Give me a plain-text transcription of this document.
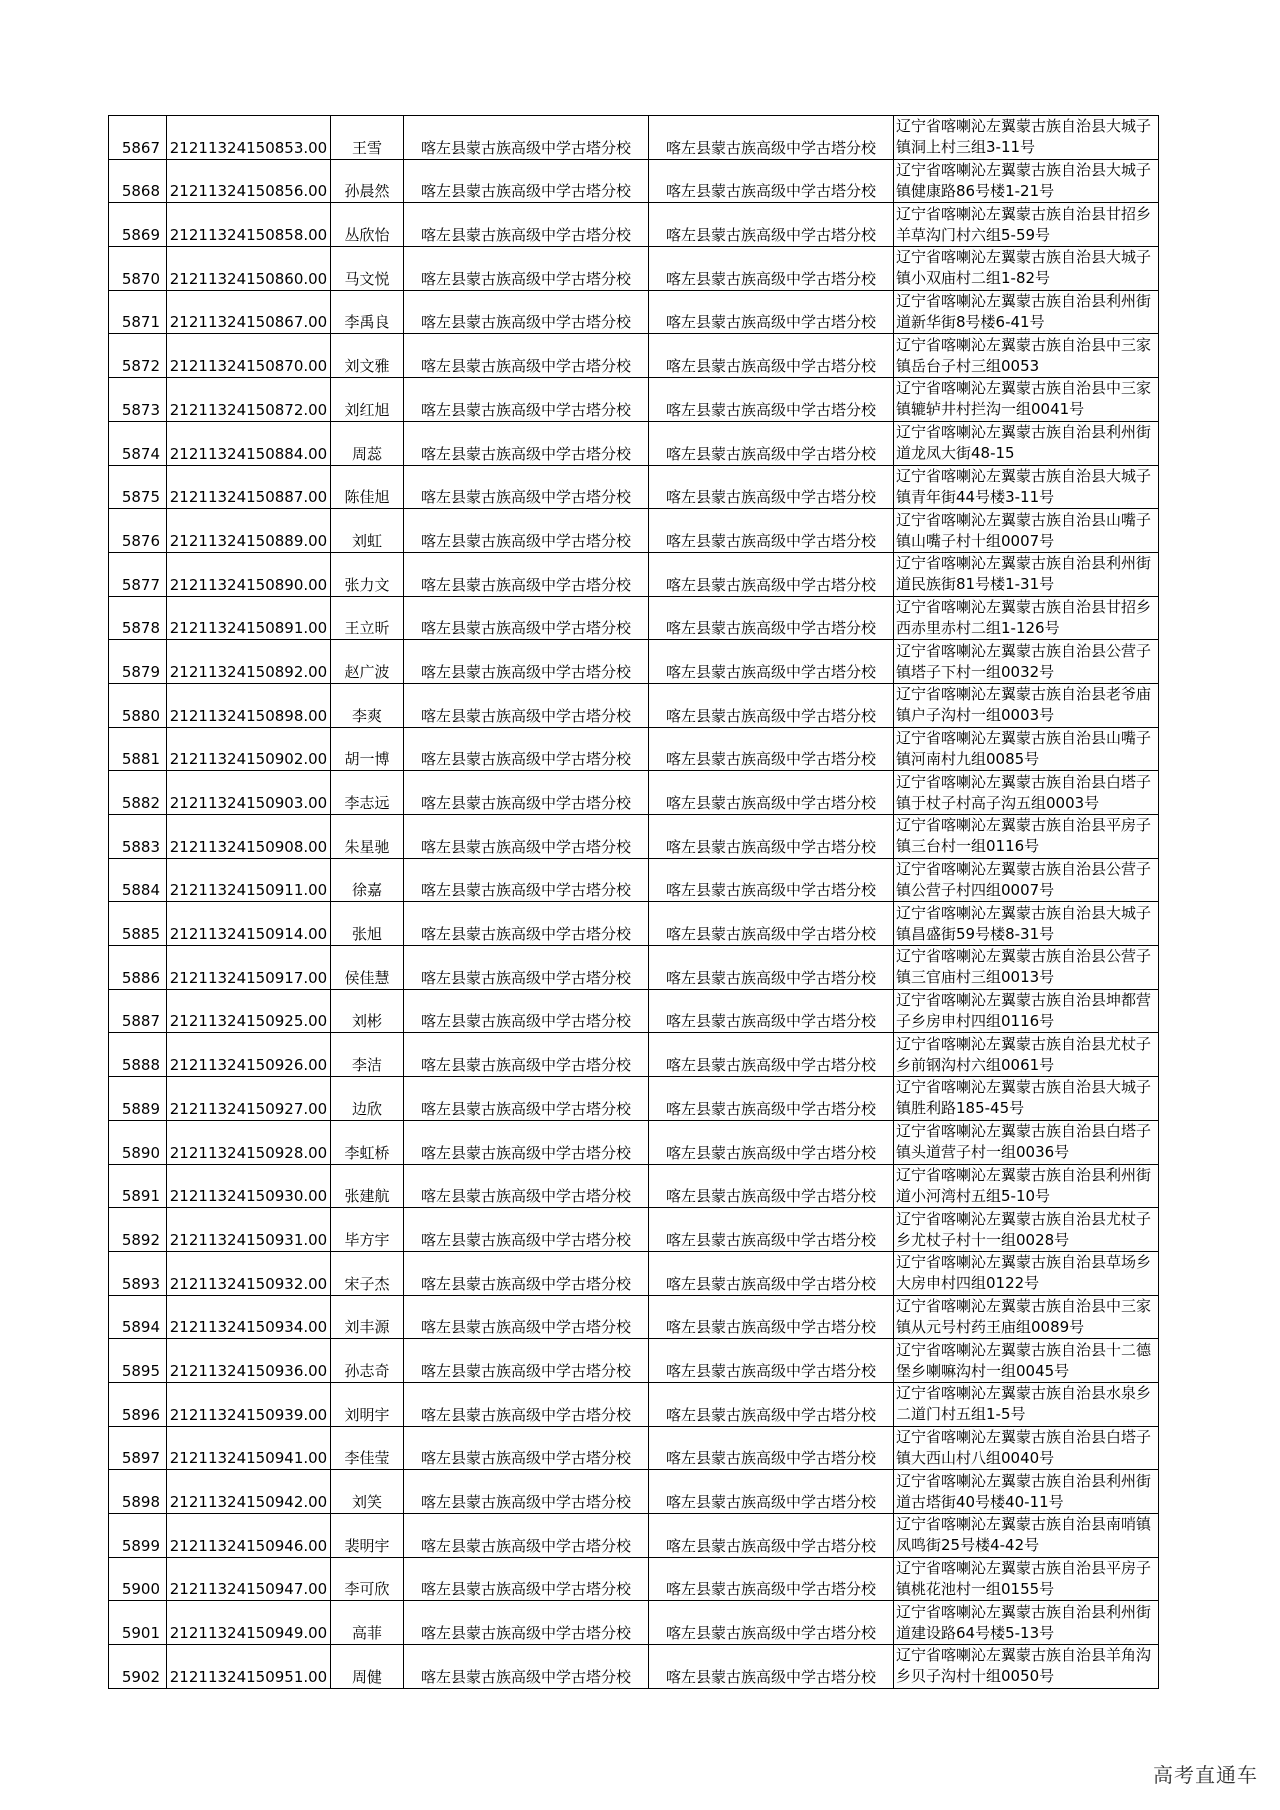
5867	21211324150853.00	王雪	喀左县蒙古族高级中学古塔分校	喀左县蒙古族高级中学古塔分校	辽宁省喀喇沁左翼蒙古族自治县大城子镇洞上村三组3-11号
5868	21211324150856.00	孙晨然	喀左县蒙古族高级中学古塔分校	喀左县蒙古族高级中学古塔分校	辽宁省喀喇沁左翼蒙古族自治县大城子镇健康路86号楼1-21号
5869	21211324150858.00	丛欣怡	喀左县蒙古族高级中学古塔分校	喀左县蒙古族高级中学古塔分校	辽宁省喀喇沁左翼蒙古族自治县甘招乡羊草沟门村六组5-59号
5870	21211324150860.00	马文悦	喀左县蒙古族高级中学古塔分校	喀左县蒙古族高级中学古塔分校	辽宁省喀喇沁左翼蒙古族自治县大城子镇小双庙村二组1-82号
5871	21211324150867.00	李禹良	喀左县蒙古族高级中学古塔分校	喀左县蒙古族高级中学古塔分校	辽宁省喀喇沁左翼蒙古族自治县利州街道新华街8号楼6-41号
5872	21211324150870.00	刘文雅	喀左县蒙古族高级中学古塔分校	喀左县蒙古族高级中学古塔分校	辽宁省喀喇沁左翼蒙古族自治县中三家镇岳台子村三组0053
5873	21211324150872.00	刘红旭	喀左县蒙古族高级中学古塔分校	喀左县蒙古族高级中学古塔分校	辽宁省喀喇沁左翼蒙古族自治县中三家镇辘轳井村拦沟一组0041号
5874	21211324150884.00	周蕊	喀左县蒙古族高级中学古塔分校	喀左县蒙古族高级中学古塔分校	辽宁省喀喇沁左翼蒙古族自治县利州街道龙凤大街48-15
5875	21211324150887.00	陈佳旭	喀左县蒙古族高级中学古塔分校	喀左县蒙古族高级中学古塔分校	辽宁省喀喇沁左翼蒙古族自治县大城子镇青年街44号楼3-11号
5876	21211324150889.00	刘虹	喀左县蒙古族高级中学古塔分校	喀左县蒙古族高级中学古塔分校	辽宁省喀喇沁左翼蒙古族自治县山嘴子镇山嘴子村十组0007号
5877	21211324150890.00	张力文	喀左县蒙古族高级中学古塔分校	喀左县蒙古族高级中学古塔分校	辽宁省喀喇沁左翼蒙古族自治县利州街道民族街81号楼1-31号
5878	21211324150891.00	王立昕	喀左县蒙古族高级中学古塔分校	喀左县蒙古族高级中学古塔分校	辽宁省喀喇沁左翼蒙古族自治县甘招乡西赤里赤村二组1-126号
5879	21211324150892.00	赵广波	喀左县蒙古族高级中学古塔分校	喀左县蒙古族高级中学古塔分校	辽宁省喀喇沁左翼蒙古族自治县公营子镇塔子下村一组0032号
5880	21211324150898.00	李爽	喀左县蒙古族高级中学古塔分校	喀左县蒙古族高级中学古塔分校	辽宁省喀喇沁左翼蒙古族自治县老爷庙镇户子沟村一组0003号
5881	21211324150902.00	胡一博	喀左县蒙古族高级中学古塔分校	喀左县蒙古族高级中学古塔分校	辽宁省喀喇沁左翼蒙古族自治县山嘴子镇河南村九组0085号
5882	21211324150903.00	李志远	喀左县蒙古族高级中学古塔分校	喀左县蒙古族高级中学古塔分校	辽宁省喀喇沁左翼蒙古族自治县白塔子镇于杖子村高子沟五组0003号
5883	21211324150908.00	朱星驰	喀左县蒙古族高级中学古塔分校	喀左县蒙古族高级中学古塔分校	辽宁省喀喇沁左翼蒙古族自治县平房子镇三台村一组0116号
5884	21211324150911.00	徐嘉	喀左县蒙古族高级中学古塔分校	喀左县蒙古族高级中学古塔分校	辽宁省喀喇沁左翼蒙古族自治县公营子镇公营子村四组0007号
5885	21211324150914.00	张旭	喀左县蒙古族高级中学古塔分校	喀左县蒙古族高级中学古塔分校	辽宁省喀喇沁左翼蒙古族自治县大城子镇昌盛街59号楼8-31号
5886	21211324150917.00	侯佳慧	喀左县蒙古族高级中学古塔分校	喀左县蒙古族高级中学古塔分校	辽宁省喀喇沁左翼蒙古族自治县公营子镇三官庙村三组0013号
5887	21211324150925.00	刘彬	喀左县蒙古族高级中学古塔分校	喀左县蒙古族高级中学古塔分校	辽宁省喀喇沁左翼蒙古族自治县坤都营子乡房申村四组0116号
5888	21211324150926.00	李洁	喀左县蒙古族高级中学古塔分校	喀左县蒙古族高级中学古塔分校	辽宁省喀喇沁左翼蒙古族自治县尤杖子乡前钢沟村六组0061号
5889	21211324150927.00	边欣	喀左县蒙古族高级中学古塔分校	喀左县蒙古族高级中学古塔分校	辽宁省喀喇沁左翼蒙古族自治县大城子镇胜利路185-45号
5890	21211324150928.00	李虹桥	喀左县蒙古族高级中学古塔分校	喀左县蒙古族高级中学古塔分校	辽宁省喀喇沁左翼蒙古族自治县白塔子镇头道营子村一组0036号
5891	21211324150930.00	张建航	喀左县蒙古族高级中学古塔分校	喀左县蒙古族高级中学古塔分校	辽宁省喀喇沁左翼蒙古族自治县利州街道小河湾村五组5-10号
5892	21211324150931.00	毕方宇	喀左县蒙古族高级中学古塔分校	喀左县蒙古族高级中学古塔分校	辽宁省喀喇沁左翼蒙古族自治县尤杖子乡尤杖子村十一组0028号
5893	21211324150932.00	宋子杰	喀左县蒙古族高级中学古塔分校	喀左县蒙古族高级中学古塔分校	辽宁省喀喇沁左翼蒙古族自治县草场乡大房申村四组0122号
5894	21211324150934.00	刘丰源	喀左县蒙古族高级中学古塔分校	喀左县蒙古族高级中学古塔分校	辽宁省喀喇沁左翼蒙古族自治县中三家镇从元号村药王庙组0089号
5895	21211324150936.00	孙志奇	喀左县蒙古族高级中学古塔分校	喀左县蒙古族高级中学古塔分校	辽宁省喀喇沁左翼蒙古族自治县十二德堡乡喇嘛沟村一组0045号
5896	21211324150939.00	刘明宇	喀左县蒙古族高级中学古塔分校	喀左县蒙古族高级中学古塔分校	辽宁省喀喇沁左翼蒙古族自治县水泉乡二道门村五组1-5号
5897	21211324150941.00	李佳莹	喀左县蒙古族高级中学古塔分校	喀左县蒙古族高级中学古塔分校	辽宁省喀喇沁左翼蒙古族自治县白塔子镇大西山村八组0040号
5898	21211324150942.00	刘笑	喀左县蒙古族高级中学古塔分校	喀左县蒙古族高级中学古塔分校	辽宁省喀喇沁左翼蒙古族自治县利州街道古塔街40号楼40-11号
5899	21211324150946.00	裴明宇	喀左县蒙古族高级中学古塔分校	喀左县蒙古族高级中学古塔分校	辽宁省喀喇沁左翼蒙古族自治县南哨镇凤鸣街25号楼4-42号
5900	21211324150947.00	李可欣	喀左县蒙古族高级中学古塔分校	喀左县蒙古族高级中学古塔分校	辽宁省喀喇沁左翼蒙古族自治县平房子镇桃花池村一组0155号
5901	21211324150949.00	高菲	喀左县蒙古族高级中学古塔分校	喀左县蒙古族高级中学古塔分校	辽宁省喀喇沁左翼蒙古族自治县利州街道建设路64号楼5-13号
5902	21211324150951.00	周健	喀左县蒙古族高级中学古塔分校	喀左县蒙古族高级中学古塔分校	辽宁省喀喇沁左翼蒙古族自治县羊角沟乡贝子沟村十组0050号
高考直通车
